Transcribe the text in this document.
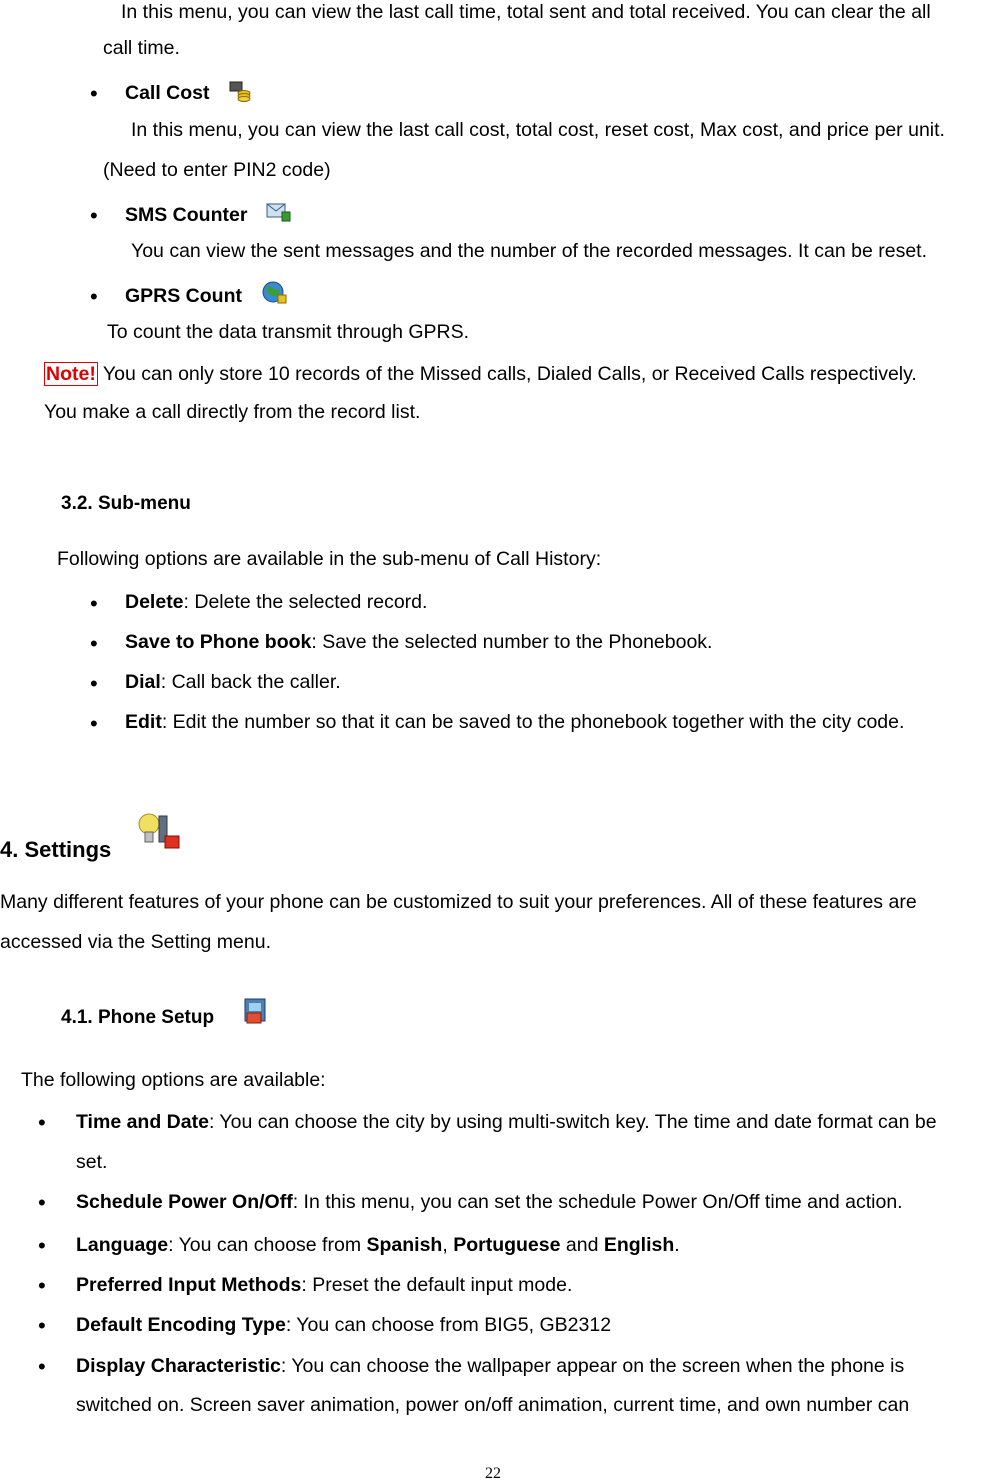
In this menu, you can view the last call time, total sent and total received. You can clear the all
call time.
• Call Cost
In this menu, you can view the last call cost, total cost, reset cost, Max cost, and price per unit.
(Need to enter PIN2 code)
• SMS Counter
You can view the sent messages and the number of the recorded messages. It can be reset.
• GPRS Count
To count the data transmit through GPRS.
Note! You can only store 10 records of the Missed calls, Dialed Calls, or Received Calls respectively.
You make a call directly from the record list.
3.2. Sub-menu
Following options are available in the sub-menu of Call History:
• Delete: Delete the selected record.
• Save to Phone book: Save the selected number to the Phonebook.
• Dial: Call back the caller.
• Edit: Edit the number so that it can be saved to the phonebook together with the city code.
4. Settings
Many different features of your phone can be customized to suit your preferences. All of these features are
accessed via the Setting menu.
4.1. Phone Setup
The following options are available:
• Time and Date: You can choose the city by using multi-switch key. The time and date format can be
set.
• Schedule Power On/Off: In this menu, you can set the schedule Power On/Off time and action.
• Language: You can choose from Spanish, Portuguese and English.
• Preferred Input Methods: Preset the default input mode.
• Default Encoding Type: You can choose from BIG5, GB2312
• Display Characteristic: You can choose the wallpaper appear on the screen when the phone is
switched on. Screen saver animation, power on/off animation, current time, and own number can
22
